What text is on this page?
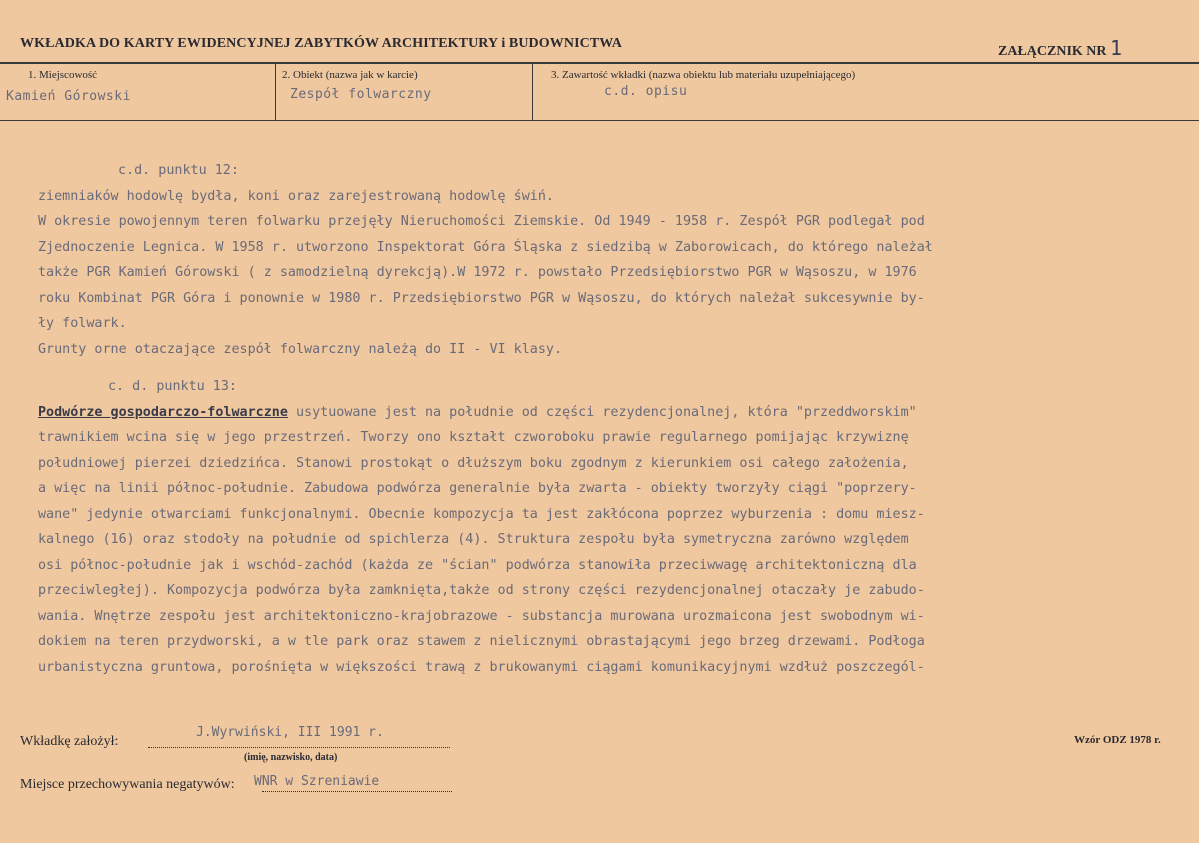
WKŁADKA DO KARTY EWIDENCYJNEJ ZABYTKÓW ARCHITEKTURY i BUDOWNICTWA
ZAŁĄCZNIK NR 1
1. Miejscowość
Kamień Górowski
2. Obiekt (nazwa jak w karcie)
Zespół folwarczny
3. Zawartość wkładki (nazwa obiektu lub materiału uzupełniającego)
c.d. opisu
c.d. punktu 12:
ziemniaków hodowlę bydła, koni oraz zarejestrowaną hodowlę świń.
W okresie powojennym teren folwarku przejęły Nieruchomości Ziemskie. Od 1949 - 1958 r. Zespół PGR podlegał pod
Zjednoczenie Legnica. W 1958 r. utworzono Inspektorat Góra Śląska z siedzibą w Zaborowicach, do którego należał
także PGR Kamień Górowski ( z samodzielną dyrekcją).W 1972 r. powstało Przedsiębiorstwo PGR w Wąsoszu, w 1976
roku Kombinat PGR Góra i ponownie w 1980 r. Przedsiębiorstwo PGR w Wąsoszu, do których należał sukcesywnie by-
ły folwark.
Grunty orne otaczające zespół folwarczny należą do II - VI klasy.
c. d. punktu 13:
Podwórze gospodarczo-folwarczne usytuowane jest na południe od części rezydencjonalnej, która "przeddworskim"
trawnikiem wcina się w jego przestrzeń. Tworzy ono kształt czworoboku prawie regularnego pomijając krzywiznę
południowej pierzei dziedzińca. Stanowi prostokąt o dłuższym boku zgodnym z kierunkiem osi całego założenia,
a więc na linii północ-południe. Zabudowa podwórza generalnie była zwarta - obiekty tworzyły ciągi "poprzery-
wane" jedynie otwarciami funkcjonalnymi. Obecnie kompozycja ta jest zakłócona poprzez wyburzenia : domu miesz-
kalnego (16) oraz stodoły na południe od spichlerza (4). Struktura zespołu była symetryczna zarówno względem
osi północ-południe jak i wschód-zachód (każda ze "ścian" podwórza stanowiła przeciwwagę architektoniczną dla
przeciwległej). Kompozycja podwórza była zamknięta,także od strony części rezydencjonalnej otaczały je zabudo-
wania. Wnętrze zespołu jest architektoniczno-krajobrazowe - substancja murowana urozmaicona jest swobodnym wi-
dokiem na teren przydworski, a w tle park oraz stawem z nielicznymi obrastającymi jego brzeg drzewami. Podłoga
urbanistyczna gruntowa, porośnięta w większości trawą z brukowanymi ciągami komunikacyjnymi wzdłuż poszczegól-
Wkładkę założył:
J.Wyrwiński, III 1991 r.
(imię, nazwisko, data)
Wzór ODZ 1978 r.
Miejsce przechowywania negatywów: WNR w Szreniawie
